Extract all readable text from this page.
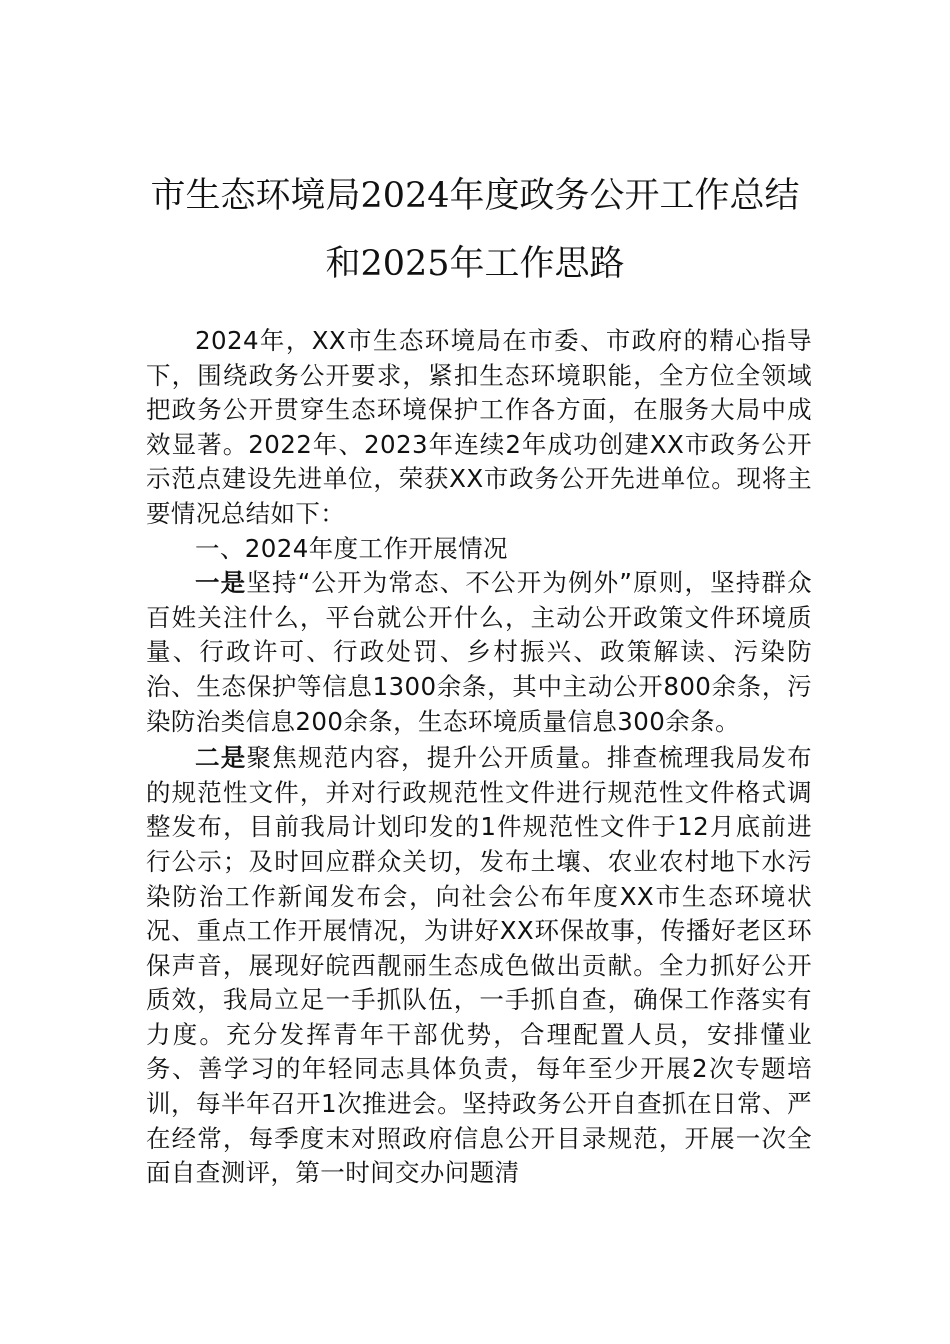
市生态环境局2024年度政务公开工作总结
和2025年工作思路

2024年，XX市生态环境局在市委、市政府的精心指导下，围绕政务公开要求，紧扣生态环境职能，全方位全领域把政务公开贯穿生态环境保护工作各方面，在服务大局中成效显著。2022年、2023年连续2年成功创建XX市政务公开示范点建设先进单位，荣获XX市政务公开先进单位。现将主要情况总结如下：

一、2024年度工作开展情况

一是坚持“公开为常态、不公开为例外”原则，坚持群众百姓关注什么，平台就公开什么，主动公开政策文件环境质量、行政许可、行政处罚、乡村振兴、政策解读、污染防治、生态保护等信息1300余条，其中主动公开800余条，污染防治类信息200余条，生态环境质量信息300余条。

二是聚焦规范内容，提升公开质量。排查梳理我局发布的规范性文件，并对行政规范性文件进行规范性文件格式调整发布，目前我局计划印发的1件规范性文件于12月底前进行公示；及时回应群众关切，发布土壤、农业农村地下水污染防治工作新闻发布会，向社会公布年度XX市生态环境状况、重点工作开展情况，为讲好XX环保故事，传播好老区环保声音，展现好皖西靓丽生态成色做出贡献。全力抓好公开质效，我局立足一手抓队伍，一手抓自查，确保工作落实有力度。充分发挥青年干部优势，合理配置人员，安排懂业务、善学习的年轻同志具体负责，每年至少开展2次专题培训，每半年召开1次推进会。坚持政务公开自查抓在日常、严在经常，每季度末对照政府信息公开目录规范，开展一次全面自查测评，第一时间交办问题清
